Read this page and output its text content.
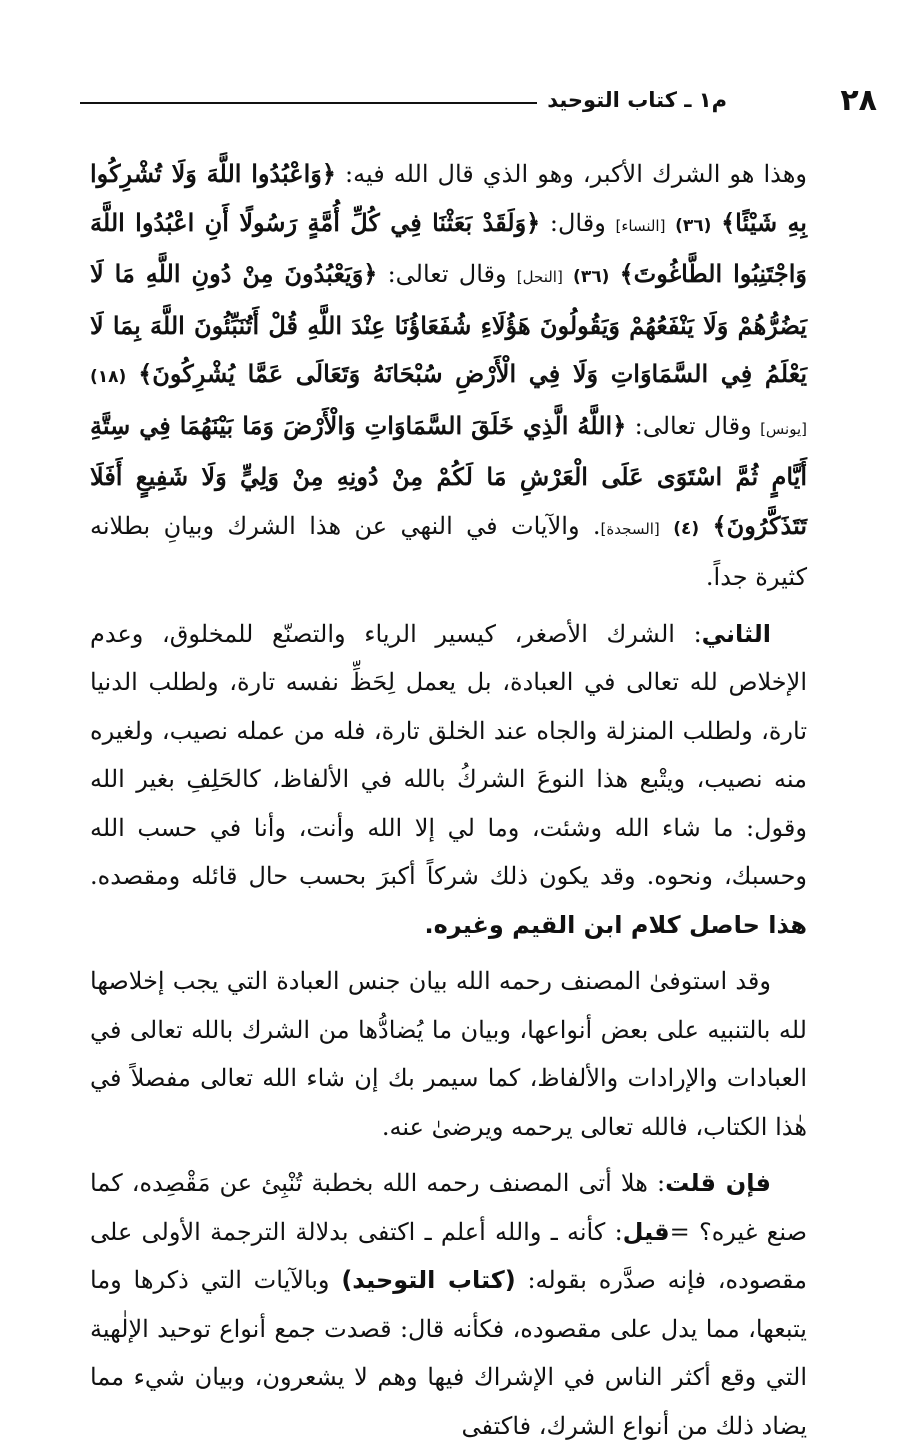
٢٨
م١ ـ كتاب التوحيد

وهذا هو الشرك الأكبر، وهو الذي قال الله فيه: ﴿وَاعْبُدُوا اللَّهَ وَلَا تُشْرِكُوا بِهِ شَيْئًا﴾ (٣٦) [النساء] وقال: ﴿وَلَقَدْ بَعَثْنَا فِي كُلِّ أُمَّةٍ رَسُولًا أَنِ اعْبُدُوا اللَّهَ وَاجْتَنِبُوا الطَّاغُوتَ﴾ (٣٦) [النحل] وقال تعالى: ﴿وَيَعْبُدُونَ مِنْ دُونِ اللَّهِ مَا لَا يَضُرُّهُمْ وَلَا يَنْفَعُهُمْ وَيَقُولُونَ هَؤُلَاءِ شُفَعَاؤُنَا عِنْدَ اللَّهِ قُلْ أَتُنَبِّئُونَ اللَّهَ بِمَا لَا يَعْلَمُ فِي السَّمَاوَاتِ وَلَا فِي الْأَرْضِ سُبْحَانَهُ وَتَعَالَى عَمَّا يُشْرِكُونَ﴾ (١٨) [يونس] وقال تعالى: ﴿اللَّهُ الَّذِي خَلَقَ السَّمَاوَاتِ وَالْأَرْضَ وَمَا بَيْنَهُمَا فِي سِتَّةِ أَيَّامٍ ثُمَّ اسْتَوَى عَلَى الْعَرْشِ مَا لَكُمْ مِنْ دُونِهِ مِنْ وَلِيٍّ وَلَا شَفِيعٍ أَفَلَا تَتَذَكَّرُونَ﴾ (٤) [السجدة]. والآيات في النهي عن هذا الشرك وبيانِ بطلانه كثيرة جداً.

الثاني: الشرك الأصغر، كيسير الرياء والتصنّع للمخلوق، وعدم الإخلاص لله تعالى في العبادة، بل يعمل لِحَظِّ نفسه تارة، ولطلب الدنيا تارة، ولطلب المنزلة والجاه عند الخلق تارة، فله من عمله نصيب، ولغيره منه نصيب، ويتْبع هذا النوعَ الشركُ بالله في الألفاظ، كالحَلِفِ بغير الله وقول: ما شاء الله وشئت، وما لي إلا الله وأنت، وأنا في حسب الله وحسبك، ونحوه. وقد يكون ذلك شركاً أكبرَ بحسب حال قائله ومقصده. هذا حاصل كلام ابن القيم وغيره.

وقد استوفىٰ المصنف رحمه الله بيان جنس العبادة التي يجب إخلاصها لله بالتنبيه على بعض أنواعها، وبيان ما يُضادُّها من الشرك بالله تعالى في العبادات والإرادات والألفاظ، كما سيمر بك إن شاء الله تعالى مفصلاً في هٰذا الكتاب، فالله تعالى يرحمه ويرضىٰ عنه.

فإن قلت: هلا أتى المصنف رحمه الله بخطبة تُنْبِئ عن مَقْصِده، كما صنع غيره؟ =قيل: كأنه ـ والله أعلم ـ اكتفى بدلالة الترجمة الأولى على مقصوده، فإنه صدَّره بقوله: (كتاب التوحيد) وبالآيات التي ذكرها وما يتبعها، مما يدل على مقصوده، فكأنه قال: قصدت جمع أنواع توحيد الإلٰهية التي وقع أكثر الناس في الإشراك فيها وهم لا يشعرون، وبيان شيء مما يضاد ذلك من أنواع الشرك، فاكتفى
